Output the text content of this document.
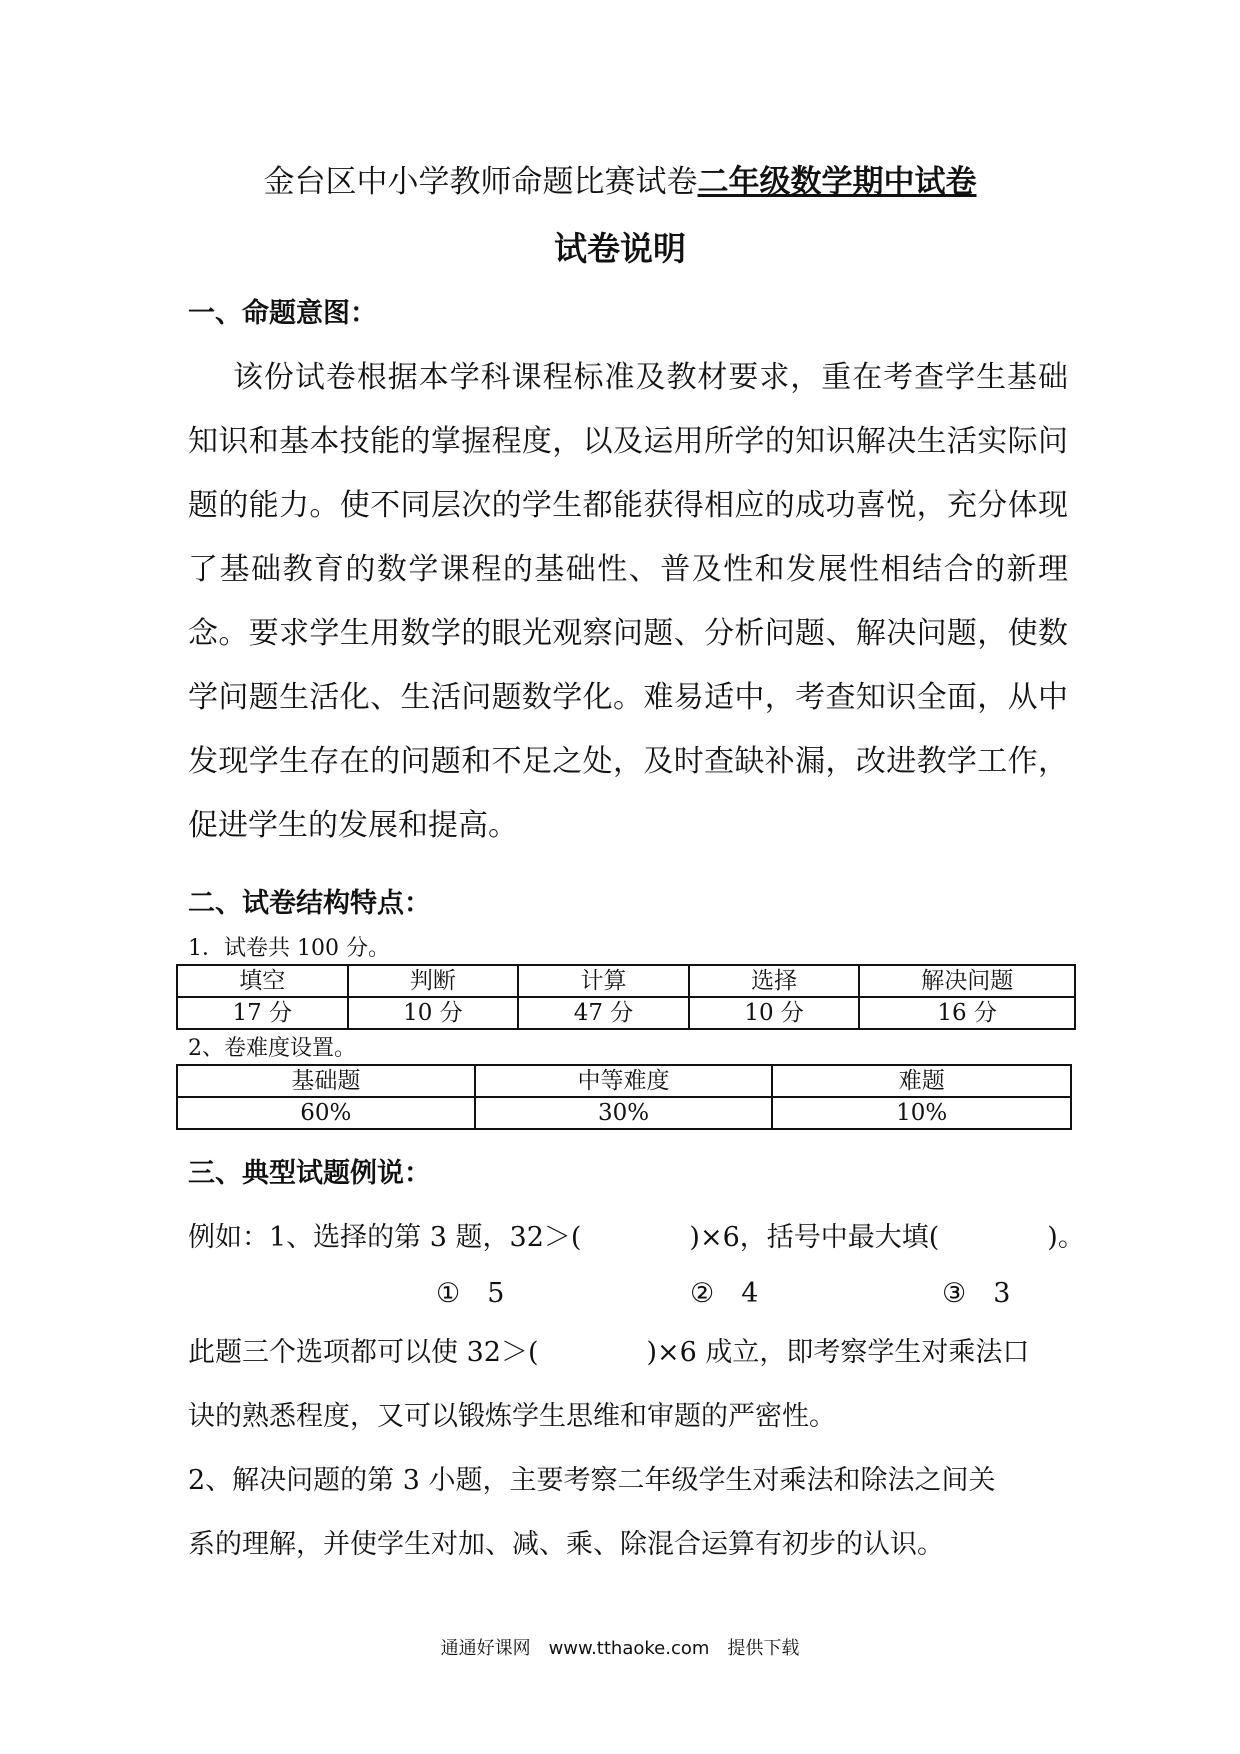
金台区中小学教师命题比赛试卷二年级数学期中试卷
试卷说明
一、命题意图：

该份试卷根据本学科课程标准及教材要求，重在考查学生基础知识和基本技能的掌握程度，以及运用所学的知识解决生活实际问题的能力。使不同层次的学生都能获得相应的成功喜悦，充分体现了基础教育的数学课程的基础性、普及性和发展性相结合的新理念。要求学生用数学的眼光观察问题、分析问题、解决问题，使数学问题生活化、生活问题数学化。难易适中，考查知识全面，从中发现学生存在的问题和不足之处，及时查缺补漏，改进教学工作，促进学生的发展和提高。

二、试卷结构特点：
1．试卷共 100 分。
填空	判断	计算	选择	解决问题
17 分	10 分	47 分	10 分	16 分
2、卷难度设置。
基础题	中等难度	难题
60%	30%	10%
三、典型试题例说：
例如：1、选择的第 3 题，32＞(　　　　)×6，括号中最大填(　　　　)。
①　5	②　4	③　3
此题三个选项都可以使 32＞(　　　　)×6 成立，即考察学生对乘法口
诀的熟悉程度，又可以锻炼学生思维和审题的严密性。
2、解决问题的第 3 小题，主要考察二年级学生对乘法和除法之间关
系的理解，并使学生对加、减、乘、除混合运算有初步的认识。
通通好课网　www.tthaoke.com　提供下载
